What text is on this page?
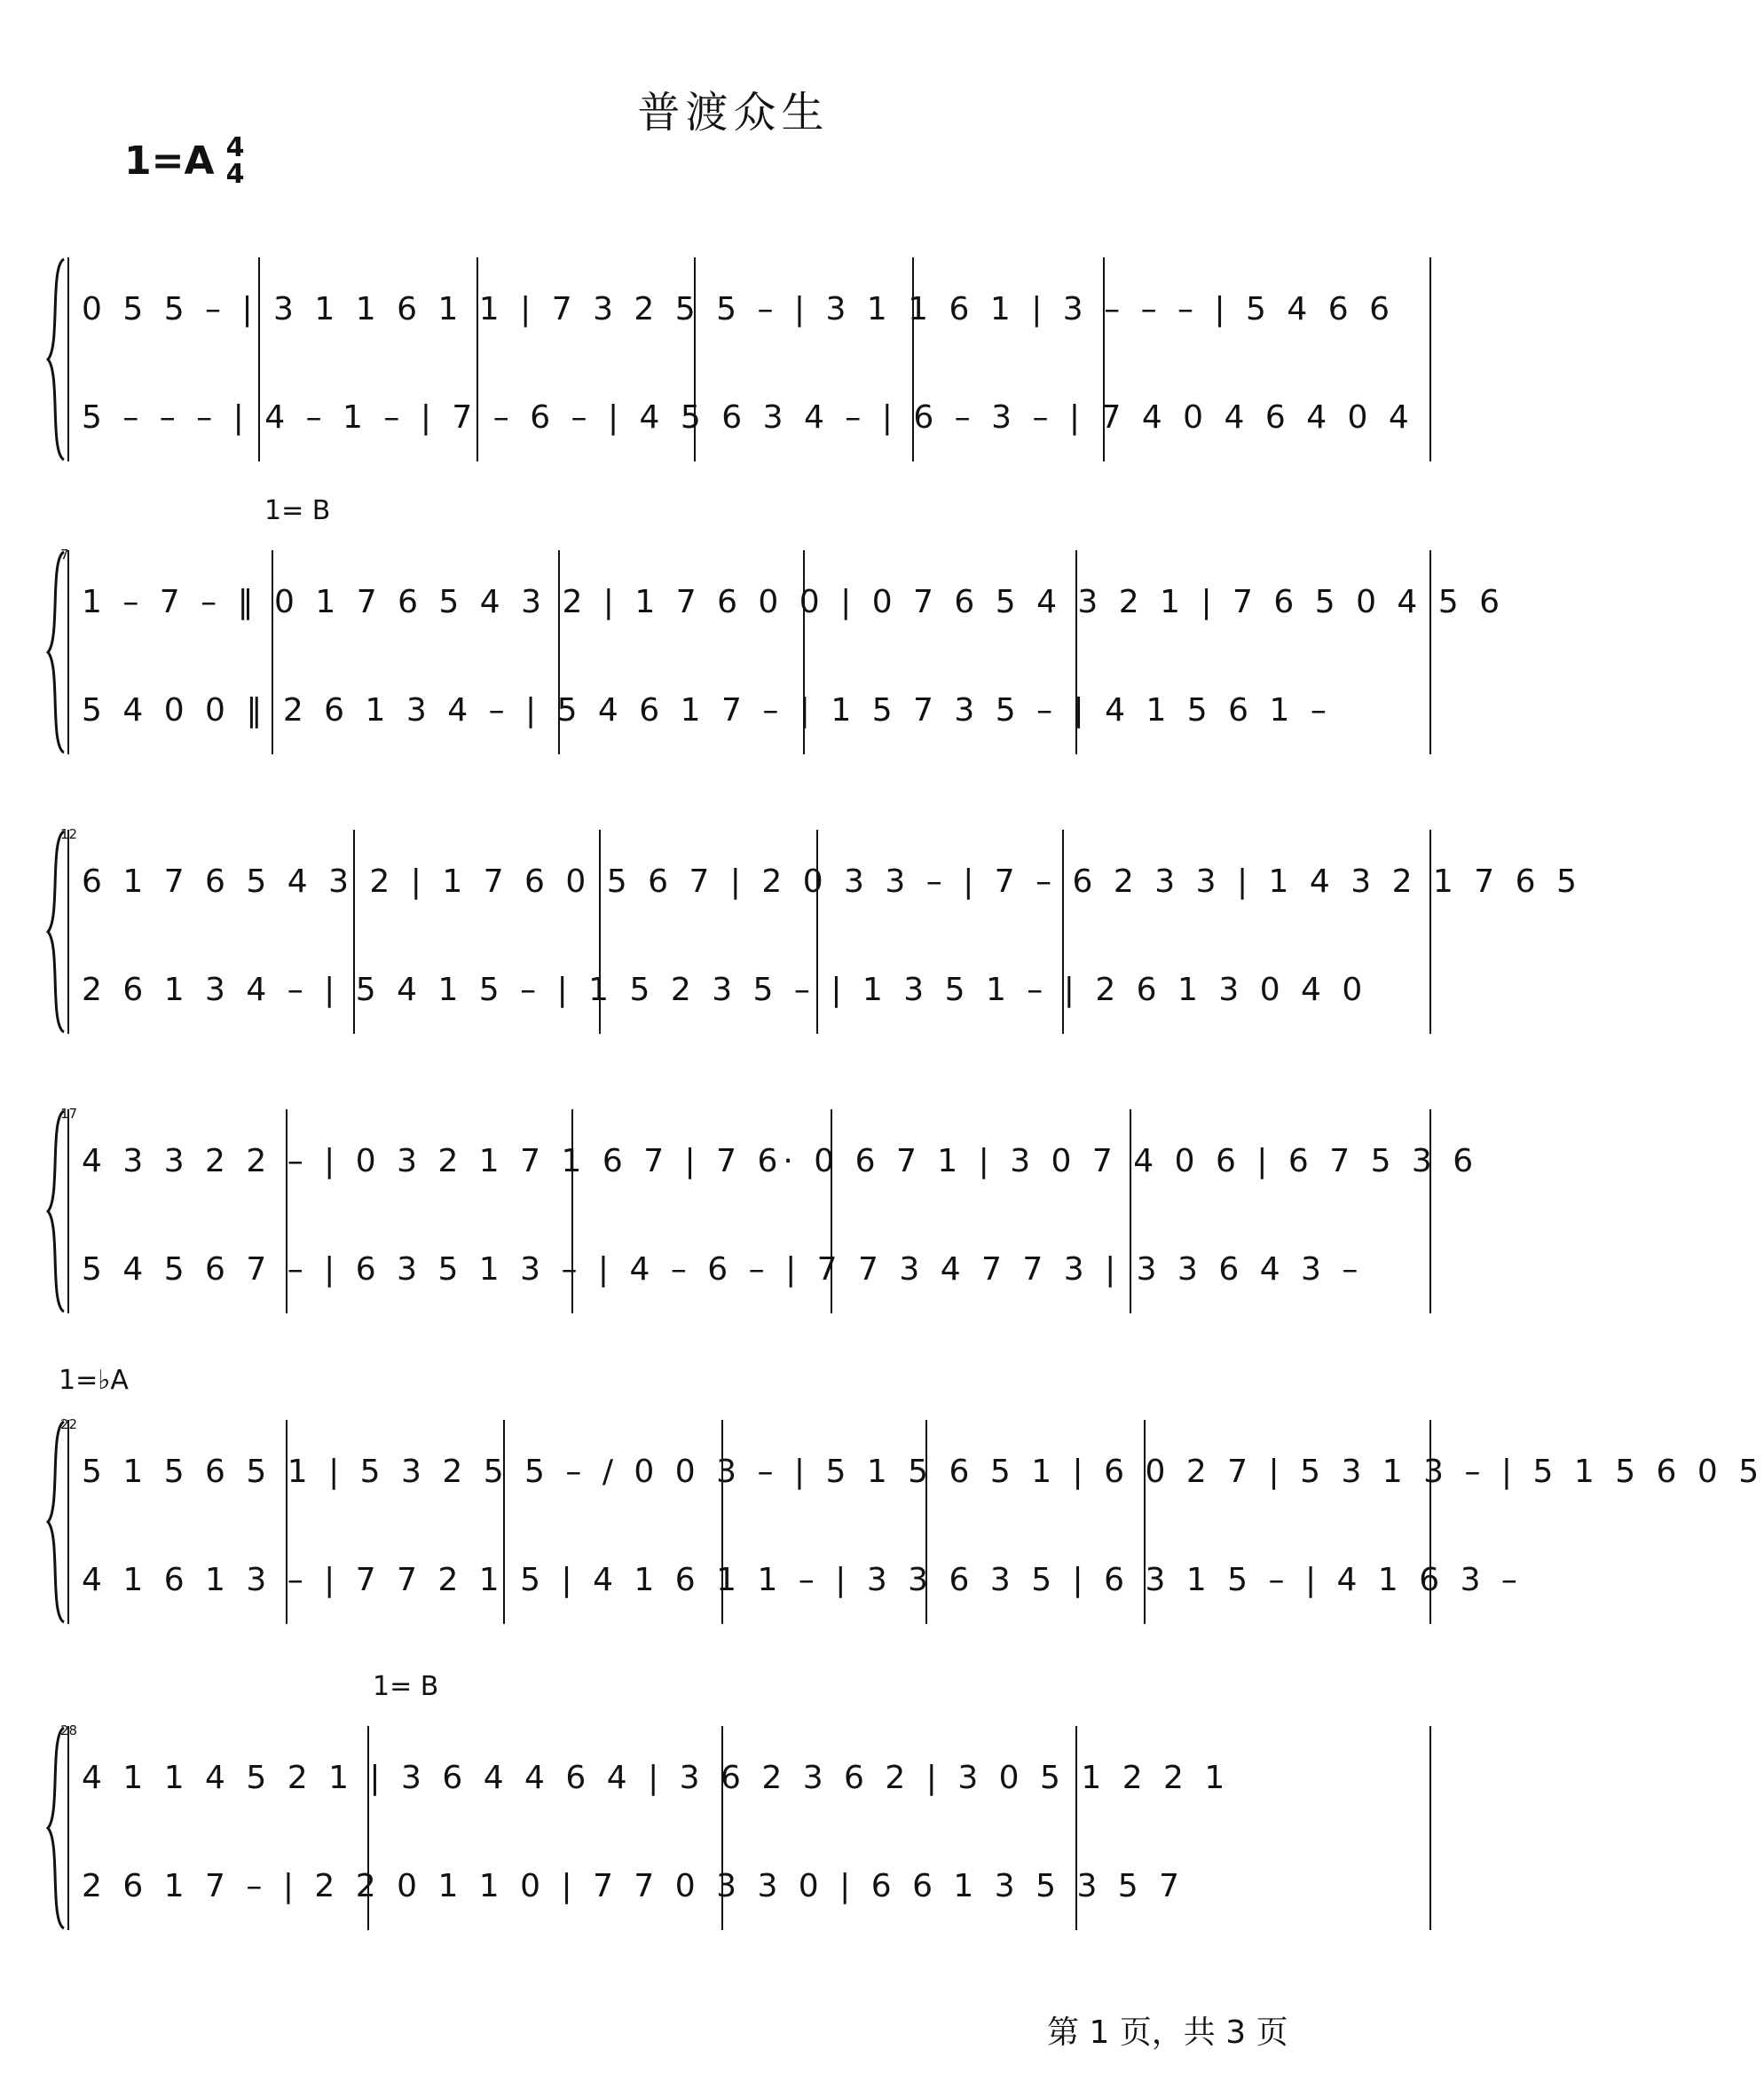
普渡众生
1=A 4
4
0 5 5 – | 3 1 1 6 1 1 | 7 3 2 5 5 – | 3 1 1 6 1 | 3 – – – | 5 4 6 6
5 – – – | 4 – 1 – | 7 – 6 – | 4 5 6 3 4 – | 6 – 3 – | 7 4 0 4 6 4 0 4
7
1= B
1 – 7 – ‖ 0 1 7 6 5 4 3 2 | 1 7 6 0 0 | 0 7 6 5 4 3 2 1 | 7 6 5 0 4 5 6
5 4 0 0 ‖ 2 6 1 3 4 – | 5 4 6 1 7 – | 1 5 7 3 5 – | 4 1 5 6 1 –
12
6 1 7 6 5 4 3 2 | 1 7 6 0 5 6 7 | 2 0 3 3 – | 7 – 6 2 3 3 | 1 4 3 2 1 7 6 5
2 6 1 3 4 – | 5 4 1 5 – | 1 5 2 3 5 – | 1 3 5 1 – | 2 6 1 3 0 4 0
17
4 3 3 2 2 – | 0 3 2 1 7 1 6 7 | 7 6· 0 6 7 1 | 3 0 7 4 0 6 | 6 7 5 3 6
5 4 5 6 7 – | 6 3 5 1 3 – | 4 – 6 – | 7 7 3 4 7 7 3 | 3 3 6 4 3 –
22
1=♭A
5 1 5 6 5 1 | 5 3 2 5 5 – / 0 0 3 – | 5 1 5 6 5 1 | 6 0 2 7 | 5 3 1 3 – | 5 1 5 6 0 5
4 1 6 1 3 – | 7 7 2 1 5 | 4 1 6 1 1 – | 3 3 6 3 5 | 6 3 1 5 – | 4 1 6 3 –
28
1= B
4 1 1 4 5 2 1 | 3 6 4 4 6 4 | 3 6 2 3 6 2 | 3 0 5 1 2 2 1
2 6 1 7 – | 2 2 0 1 1 0 | 7 7 0 3 3 0 | 6 6 1 3 5 3 5 7
第 1 页，共 3 页
